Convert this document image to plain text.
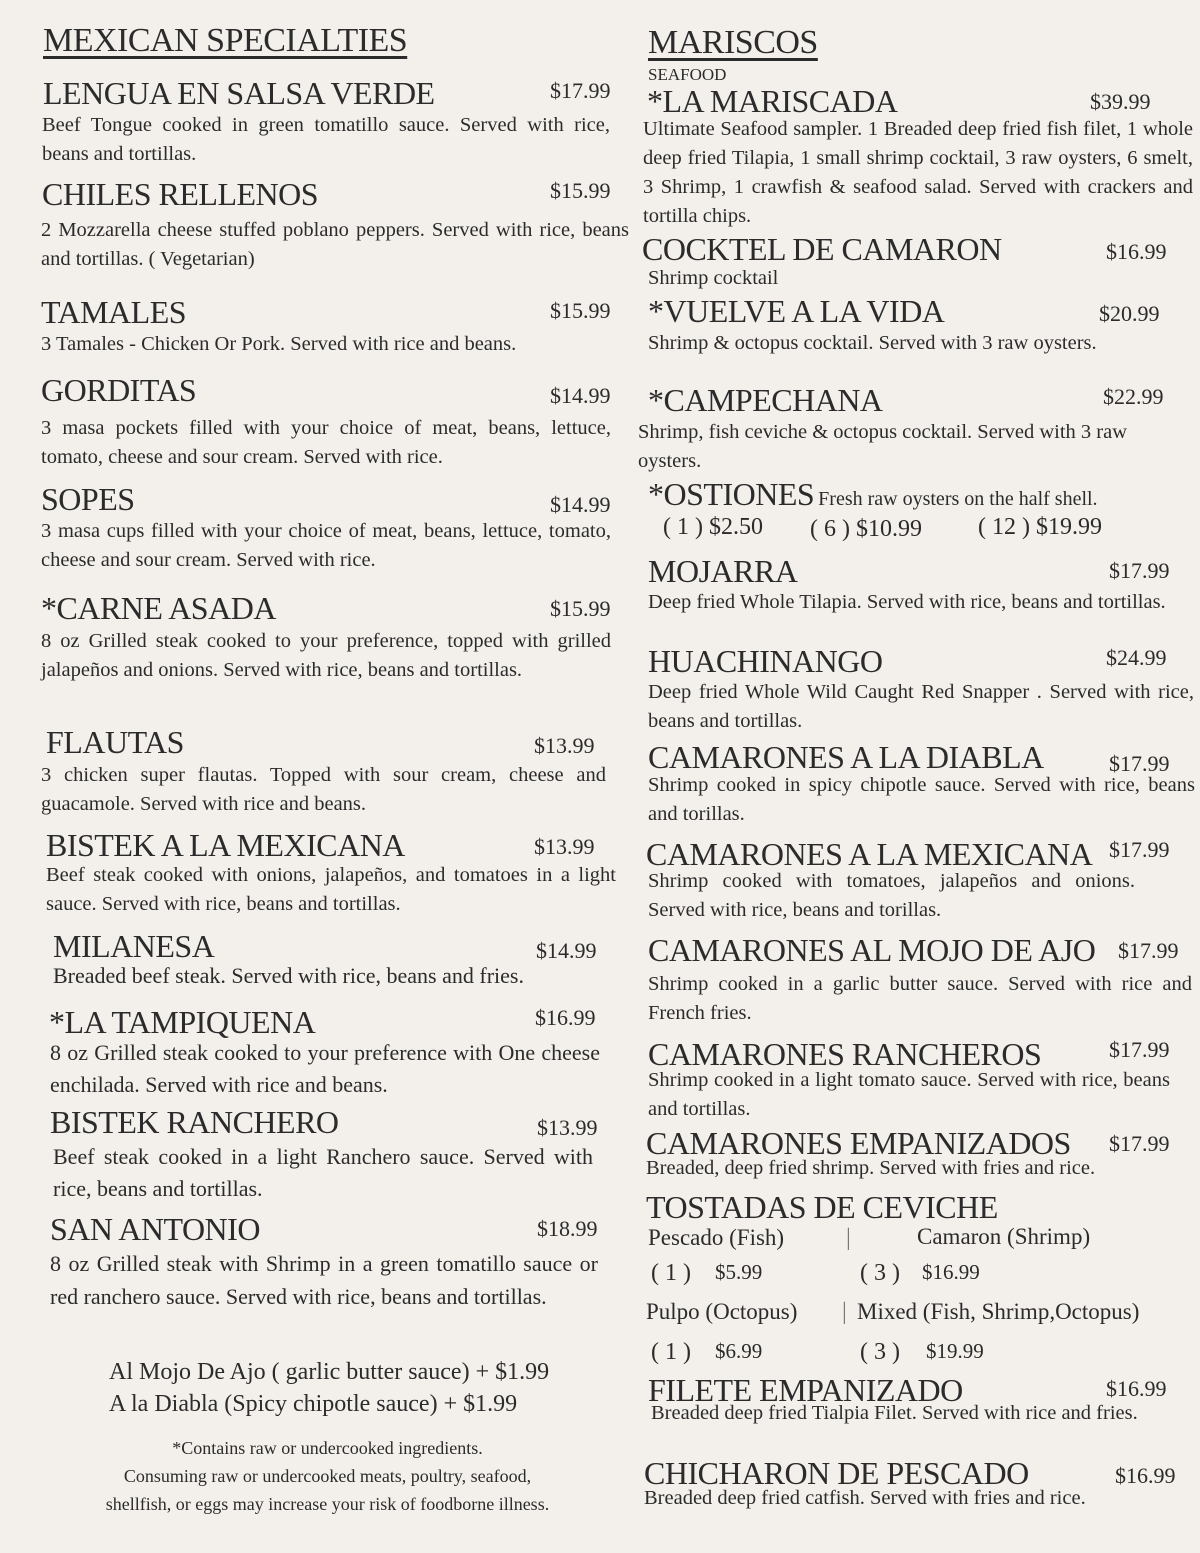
MEXICAN SPECIALTIES
LENGUA EN SALSA VERDE	$17.99
Beef Tongue cooked in green tomatillo sauce. Served with rice, beans and tortillas.
CHILES RELLENOS	$15.99
2 Mozzarella cheese stuffed poblano peppers. Served with rice, beans and tortillas. ( Vegetarian)
TAMALES	$15.99
3 Tamales - Chicken Or Pork. Served with rice and beans.
GORDITAS	$14.99
3 masa pockets filled with your choice of meat, beans, lettuce, tomato, cheese and sour cream. Served with rice.
SOPES	$14.99
3 masa cups filled with your choice of meat, beans, lettuce, tomato, cheese and sour cream. Served with rice.
*CARNE ASADA	$15.99
8 oz Grilled steak cooked to your preference, topped with grilled jalapeños and onions. Served with rice, beans and tortillas.
FLAUTAS	$13.99
3 chicken super flautas. Topped with sour cream, cheese and guacamole. Served with rice and beans.
BISTEK A LA MEXICANA	$13.99
Beef steak cooked with onions, jalapeños, and tomatoes in a light sauce. Served with rice, beans and tortillas.
MILANESA	$14.99
Breaded beef steak. Served with rice, beans and fries.
*LA TAMPIQUENA	$16.99
8 oz Grilled steak cooked to your preference with One cheese enchilada. Served with rice and beans.
BISTEK RANCHERO	$13.99
Beef steak cooked in a light Ranchero sauce. Served with rice, beans and tortillas.
SAN ANTONIO	$18.99
8 oz Grilled steak with Shrimp in a green tomatillo sauce or red ranchero sauce. Served with rice, beans and tortillas.
Al Mojo De Ajo ( garlic butter sauce) + $1.99
A la Diabla (Spicy chipotle sauce) + $1.99
*Contains raw or undercooked ingredients.
Consuming raw or undercooked meats, poultry, seafood,
shellfish, or eggs may increase your risk of foodborne illness.
MARISCOS
SEAFOOD
*LA MARISCADA	$39.99
Ultimate Seafood sampler. 1 Breaded deep fried fish filet, 1 whole deep fried Tilapia, 1 small shrimp cocktail, 3 raw oysters, 6 smelt, 3 Shrimp, 1 crawfish & seafood salad. Served with crackers and tortilla chips.
COCKTEL DE CAMARON	$16.99
Shrimp cocktail
*VUELVE A LA VIDA	$20.99
Shrimp & octopus cocktail. Served with 3 raw oysters.
*CAMPECHANA	$22.99
Shrimp, fish ceviche & octopus cocktail. Served with 3 raw oysters.
*OSTIONES Fresh raw oysters on the half shell.
( 1 ) $2.50 ( 6 ) $10.99 ( 12 ) $19.99
MOJARRA	$17.99
Deep fried Whole Tilapia. Served with rice, beans and tortillas.
HUACHINANGO	$24.99
Deep fried Whole Wild Caught Red Snapper . Served with rice, beans and tortillas.
CAMARONES A LA DIABLA	$17.99
Shrimp cooked in spicy chipotle sauce. Served with rice, beans and torillas.
CAMARONES A LA MEXICANA $17.99
Shrimp cooked with tomatoes, jalapeños and onions. Served with rice, beans and torillas.
CAMARONES AL MOJO DE AJO $17.99
Shrimp cooked in a garlic butter sauce. Served with rice and French fries.
CAMARONES RANCHEROS	$17.99
Shrimp cooked in a light tomato sauce. Served with rice, beans and tortillas.
CAMARONES EMPANIZADOS $17.99
Breaded, deep fried shrimp. Served with fries and rice.
TOSTADAS DE CEVICHE
Pescado (Fish)	|	Camaron (Shrimp)
( 1 ) $5.99	( 3 ) $16.99
Pulpo (Octopus) | Mixed (Fish, Shrimp,Octopus)
( 1 ) $6.99	( 3 ) $19.99
FILETE EMPANIZADO	$16.99
Breaded deep fried Tialpia Filet. Served with rice and fries.
CHICHARON DE PESCADO	$16.99
Breaded deep fried catfish. Served with fries and rice.
